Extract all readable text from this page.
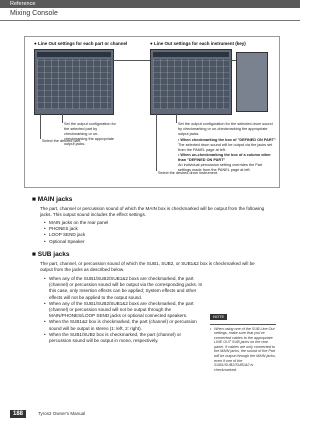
Reference
Mixing Console
● Line Out settings for each part or channel	● Line Out settings for each instrument (key)
Set the output configuration for the selected part by checkmarking or un-checkmarking the appropriate output jacks.
Select the desired part.
Set the output configuration for the selected drum sound by checkmarking or un-checkmarking the appropriate output jacks.
• When checkmarking the box of "DEFINED ON PART"
The selected drum sound will be output via the jacks set from the PANEL page at left.
• When un-checkmarking the box of a column other than "DEFINED ON PART"
An individual percussion setting overrides the Part settings made from the PANEL page at left.
Select the desired drum instrument.
■ MAIN jacks

The part, channel or percussion sound of which the MAIN box is checkmarked will be output from the following jacks. This output sound includes the effect settings.

• MAIN jacks on the rear panel
• PHONES jack
• LOOP SEND jack
• Optional Speaker
■ SUB jacks

The part, channel, or percussion sound of which the SUB1, SUB2, or SUB1&2 box is checkmarked will be output from the jacks as described below.

• When any of the SUB1/SUB2/SUB1&2 boxs are checkmarked, the part (channel) or percussion sound will be output via the corresponding jacks. In this case, only Insertion effects can be applied; System effects and other effects will not be applied to the output sound.
• When any of the SUB1/SUB2/SUB1&2 boxs are checkmarked, the part (channel) or percussion sound will not be output through the MAIN/PHONES/LOOP SEND jacks or optional connected speakers.
• When the SUB1&2 box is checkmarked, the part (channel) or percussion sound will be output in stereo (1: left, 2: right).
• When the SUB1/SUB2 box is checkmarked, the part (channel) or percussion sound will be output in mono, respectively.
NOTE
• When using one of the SUB Line Out settings, make sure that you've connected cables to the appropriate LINE OUT SUB jacks on the rear panel. If cables are only connected to the MAIN jacks, the sound of the Part will be output through the MAIN jacks, even if one of the SUB1/SUB2/SUB1&2 is checkmarked.
188	Tyros2 Owner's Manual
